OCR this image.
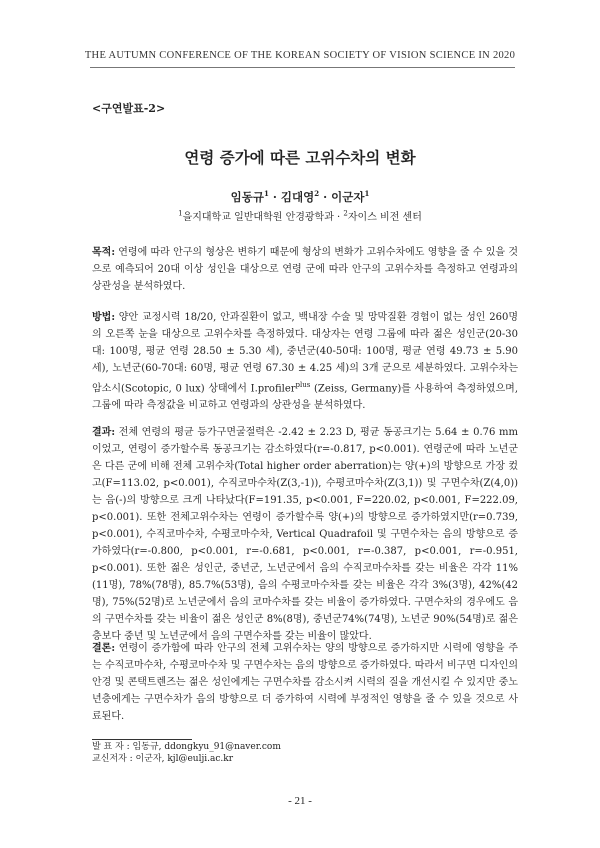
THE AUTUMN CONFERENCE OF THE KOREAN SOCIETY OF VISION SCIENCE IN 2020
<구연발표-2>
연령 증가에 따른 고위수차의 변화
임동규$^1$ · 김대영$^2$ · 이군자$^1$
$^1$을지대학교 일반대학원 안경광학과 · $^2$자이스 비전 센터

목적: 연령에 따라 안구의 형상은 변하기 때문에 형상의 변화가 고위수차에도 영향을 줄 수 있을 것으로 예측되어 20대 이상 성인을 대상으로 연령 군에 따라 안구의 고위수차를 측정하고 연령과의 상관성을 분석하였다.

방법: 양안 교정시력 18/20, 안과질환이 없고, 백내장 수술 및 망막질환 경험이 없는 성인 260명의 오른쪽 눈을 대상으로 고위수차를 측정하였다. 대상자는 연령 그룹에 따라 젊은 성인군(20-30대: 100명, 평균 연령 28.50 ± 5.30 세), 중년군(40-50대: 100명, 평균 연령 49.73 ± 5.90 세), 노년군(60-70대: 60명, 평균 연령 67.30 ± 4.25 세)의 3개 군으로 세분하였다. 고위수차는 암소시(Scotopic, 0 lux) 상태에서 I.profiler$^{plus}$ (Zeiss, Germany)를 사용하여 측정하였으며, 그룹에 따라 측정값을 비교하고 연령과의 상관성을 분석하였다.

결과: 전체 연령의 평균 등가구면굴절력은 -2.42 ± 2.23 D, 평균 동공크기는 5.64 ± 0.76 mm이었고, 연령이 증가할수록 동공크기는 감소하였다(r=-0.817, p<0.001). 연령군에 따라 노년군은 다른 군에 비해 전체 고위수차(Total higher order aberration)는 양(+)의 방향으로 가장 컸고(F=113.02, p<0.001), 수직코마수차(Z(3,-1)), 수평코마수차(Z(3,1)) 및 구면수차(Z(4,0))는 음(-)의 방향으로 크게 나타났다(F=191.35, p<0.001, F=220.02, p<0.001, F=222.09, p<0.001). 또한 전체고위수차는 연령이 증가할수록 양(+)의 방향으로 증가하였지만(r=0.739, p<0.001), 수직코마수차, 수평코마수차, Vertical Quadrafoil 및 구면수차는 음의 방향으로 증가하였다(r=-0.800, p<0.001, r=-0.681, p<0.001, r=-0.387, p<0.001, r=-0.951, p<0.001). 또한 젊은 성인군, 중년군, 노년군에서 음의 수직코마수차를 갖는 비율은 각각 11%(11명), 78%(78명), 85.7%(53명), 음의 수평코마수차를 갖는 비율은 각각 3%(3명), 42%(42명), 75%(52명)로 노년군에서 음의 코마수차를 갖는 비율이 증가하였다. 구면수차의 경우에도 음의 구면수차를 갖는 비율이 젊은 성인군 8%(8명), 중년군74%(74명), 노년군 90%(54명)로 젊은 층보다 중년 및 노년군에서 음의 구면수차를 갖는 비율이 많았다.

결론: 연령이 증가함에 따라 안구의 전체 고위수차는 양의 방향으로 증가하지만 시력에 영향을 주는 수직코마수차, 수평코마수차 및 구면수차는 음의 방향으로 증가하였다. 따라서 비구면 디자인의 안경 및 콘택트렌즈는 젊은 성인에게는 구면수차를 감소시켜 시력의 질을 개선시킬 수 있지만 중노년층에게는 구면수차가 음의 방향으로 더 증가하여 시력에 부정적인 영향을 줄 수 있을 것으로 사료된다.

발 표 자 : 임동규, ddongkyu_91@naver.com
교신저자 : 이군자, kjl@eulji.ac.kr
- 21 -
